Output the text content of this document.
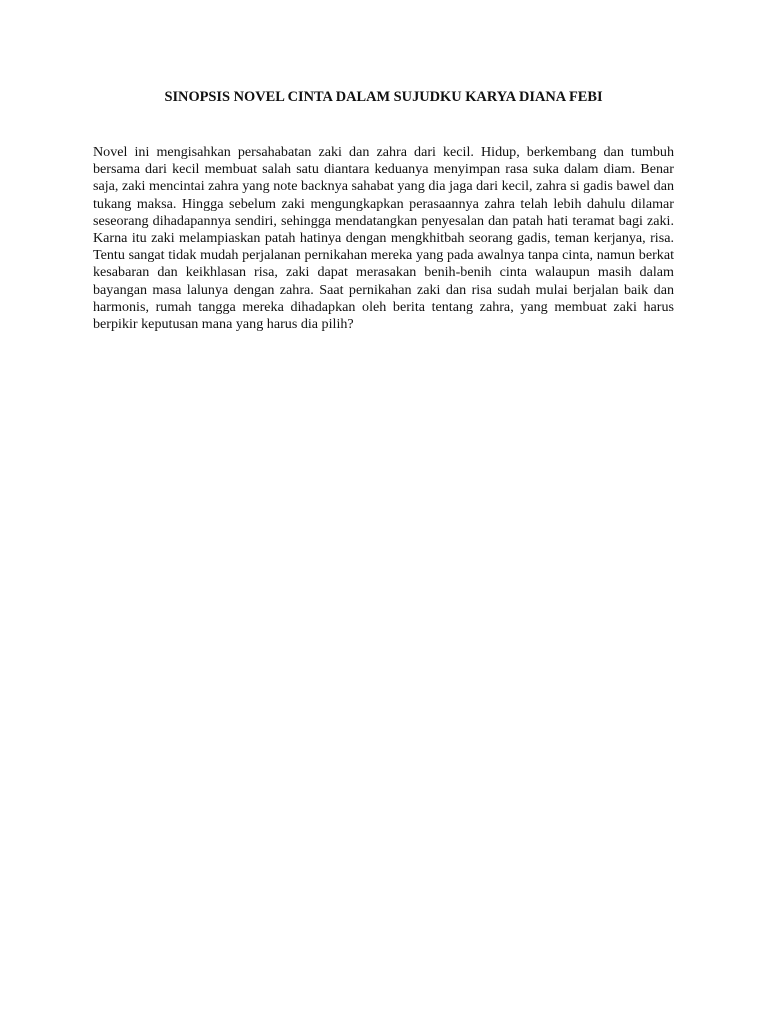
SINOPSIS NOVEL CINTA DALAM SUJUDKU KARYA DIANA FEBI

Novel ini mengisahkan persahabatan zaki dan zahra dari kecil. Hidup, berkembang dan tumbuh bersama dari kecil membuat salah satu diantara keduanya menyimpan rasa suka dalam diam. Benar saja, zaki mencintai zahra yang note backnya sahabat yang dia jaga dari kecil, zahra si gadis bawel dan tukang maksa. Hingga sebelum zaki mengungkapkan perasaannya zahra telah lebih dahulu dilamar seseorang dihadapannya sendiri, sehingga mendatangkan penyesalan dan patah hati teramat bagi zaki. Karna itu zaki melampiaskan patah hatinya dengan mengkhitbah seorang gadis, teman kerjanya, risa. Tentu sangat tidak mudah perjalanan pernikahan mereka yang pada awalnya tanpa cinta, namun berkat kesabaran dan keikhlasan risa, zaki dapat merasakan benih-benih cinta walaupun masih dalam bayangan masa lalunya dengan zahra. Saat pernikahan zaki dan risa sudah mulai berjalan baik dan harmonis, rumah tangga mereka dihadapkan oleh berita tentang zahra, yang membuat zaki harus berpikir keputusan mana yang harus dia pilih?
